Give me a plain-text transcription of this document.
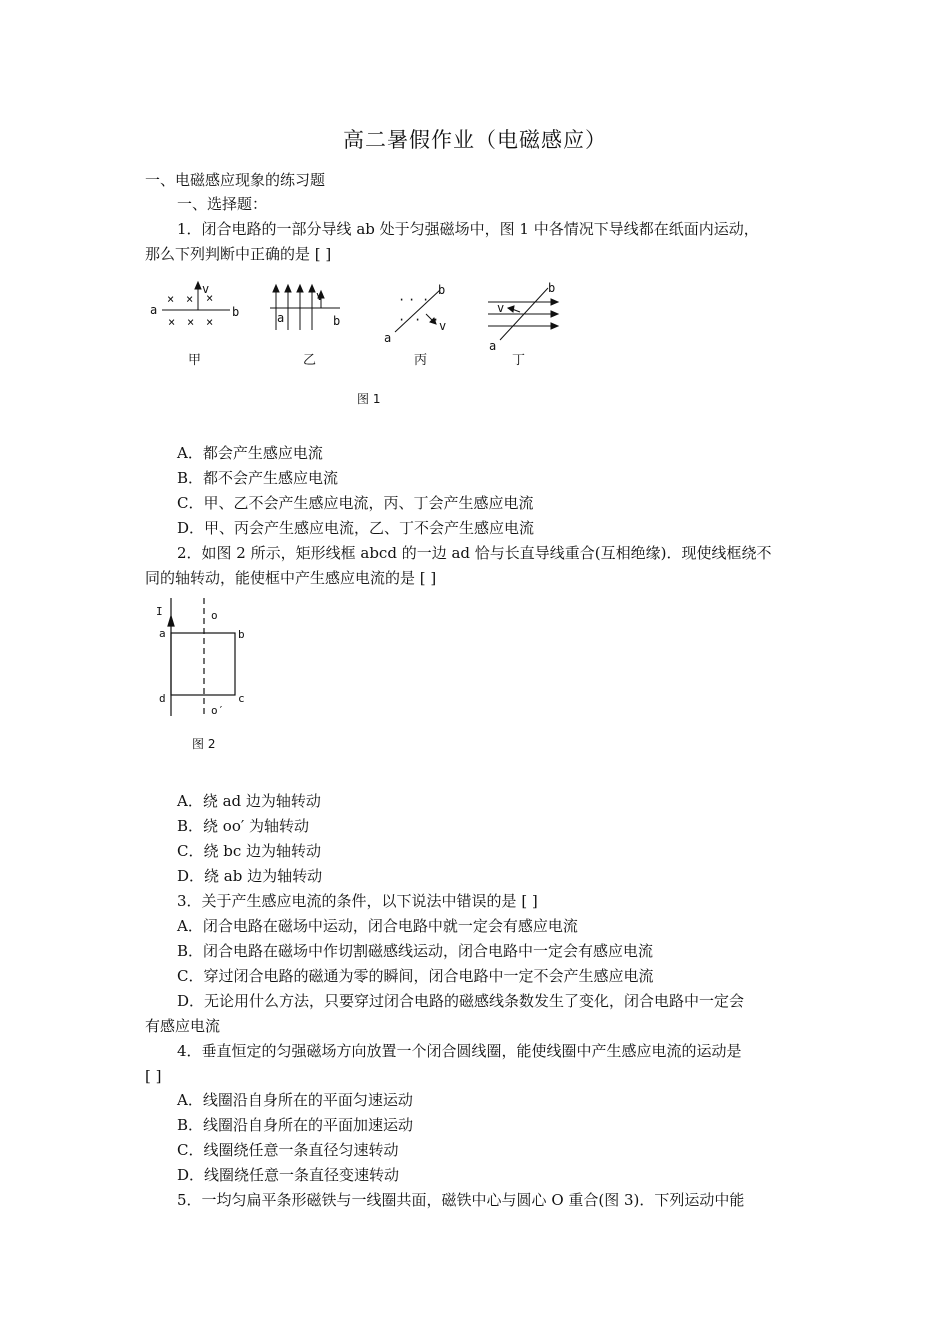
高二暑假作业（电磁感应）
一、电磁感应现象的练习题
一、选择题：
1．闭合电路的一部分导线 ab 处于匀强磁场中，图 1 中各情况下导线都在纸面内运动，
那么下列判断中正确的是 [ ]
× × ×
× × ×
a	b
v
a	b
v	· · ·
· · ·
a
b
v
a
b
v
甲	乙	丙	丁
图 1
A．都会产生感应电流
B．都不会产生感应电流
C．甲、乙不会产生感应电流，丙、丁会产生感应电流
D．甲、丙会产生感应电流，乙、丁不会产生感应电流
2．如图 2 所示，矩形线框 abcd 的一边 ad 恰与长直导线重合(互相绝缘)．现使线框绕不
同的轴转动，能使框中产生感应电流的是 [ ]
I	o
o′
a	b
c
d
图 2
A．绕 ad 边为轴转动
B．绕 oo′ 为轴转动
C．绕 bc 边为轴转动
D．绕 ab 边为轴转动
3．关于产生感应电流的条件，以下说法中错误的是 [ ]
A．闭合电路在磁场中运动，闭合电路中就一定会有感应电流
B．闭合电路在磁场中作切割磁感线运动，闭合电路中一定会有感应电流
C．穿过闭合电路的磁通为零的瞬间，闭合电路中一定不会产生感应电流
D．无论用什么方法，只要穿过闭合电路的磁感线条数发生了变化，闭合电路中一定会
有感应电流
4．垂直恒定的匀强磁场方向放置一个闭合圆线圈，能使线圈中产生感应电流的运动是
[ ]
A．线圈沿自身所在的平面匀速运动
B．线圈沿自身所在的平面加速运动
C．线圈绕任意一条直径匀速转动
D．线圈绕任意一条直径变速转动
5．一均匀扁平条形磁铁与一线圈共面，磁铁中心与圆心 O 重合(图 3)．下列运动中能
